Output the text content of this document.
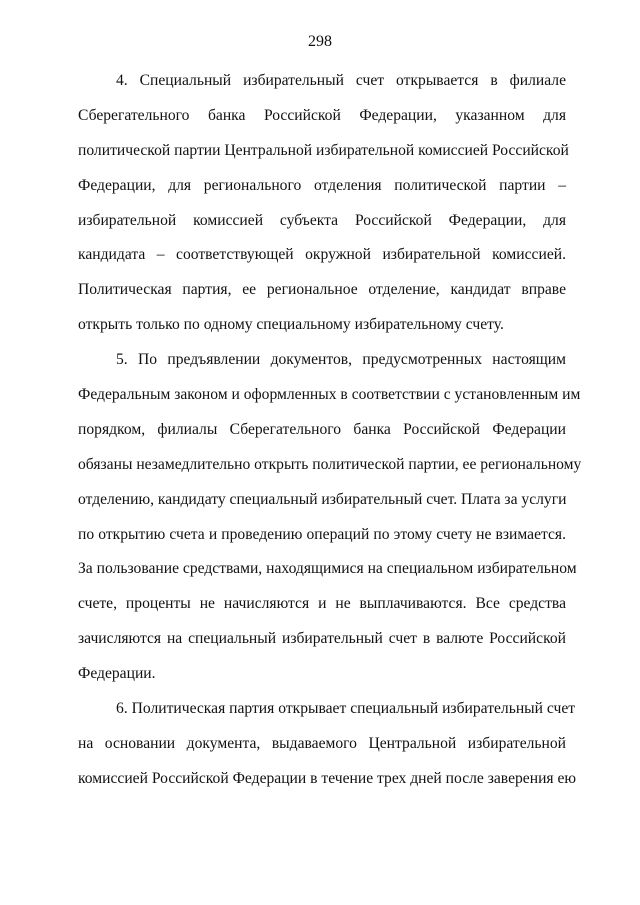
298
4. Специальный избирательный счет открывается в филиале
Сберегательного банка Российской Федерации, указанном для
политической партии Центральной избирательной комиссией Российской
Федерации, для регионального отделения политической партии –
избирательной комиссией субъекта Российской Федерации, для
кандидата – соответствующей окружной избирательной комиссией.
Политическая партия, ее региональное отделение, кандидат вправе
открыть только по одному специальному избирательному счету.
5. По предъявлении документов, предусмотренных настоящим
Федеральным законом и оформленных в соответствии с установленным им
порядком, филиалы Сберегательного банка Российской Федерации
обязаны незамедлительно открыть политической партии, ее региональному
отделению, кандидату специальный избирательный счет. Плата за услуги
по открытию счета и проведению операций по этому счету не взимается.
За пользование средствами, находящимися на специальном избирательном
счете, проценты не начисляются и не выплачиваются. Все средства
зачисляются на специальный избирательный счет в валюте Российской
Федерации.
6. Политическая партия открывает специальный избирательный счет
на основании документа, выдаваемого Центральной избирательной
комиссией Российской Федерации в течение трех дней после заверения ею
